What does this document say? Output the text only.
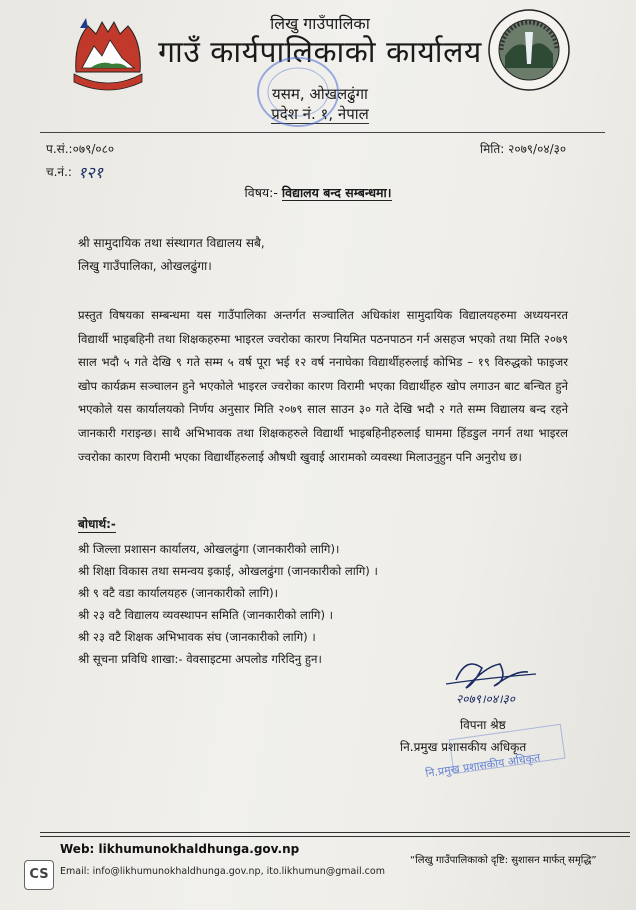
लिखु गाउँपालिका
गाउँ कार्यपालिकाको कार्यालय
यसम, ओखलढुंगा
प्रदेश नं. १, नेपाल
प.सं.:०७९/०८०	मिति: २०७९/०४/३०
च.नं.: १२१
विषय:- विद्यालय बन्द सम्बन्धमा।
श्री सामुदायिक तथा संस्थागत विद्यालय सबै,
लिखु गाउँपालिका, ओखलढुंगा।
प्रस्तुत विषयका सम्बन्धमा यस गाउँपालिका अन्तर्गत सञ्चालित अधिकांश सामुदायिक विद्यालयहरुमा अध्ययनरत विद्यार्थी भाइबहिनी तथा शिक्षकहरुमा भाइरल ज्वरोका कारण नियमित पठनपाठन गर्न असहज भएको तथा मिति २०७९ साल भदौ ५ गते देखि ९ गते सम्म ५ वर्ष पूरा भई १२ वर्ष ननाघेका विद्यार्थीहरुलाई कोभिड – १९ विरुद्धको फाइजर खोप कार्यक्रम सञ्चालन हुने भएकोले भाइरल ज्वरोका कारण विरामी भएका विद्यार्थीहरु खोप लगाउन बाट बन्चित हुने भएकोले यस कार्यालयको निर्णय अनुसार मिति २०७९ साल साउन ३० गते देखि भदौ २ गते सम्म विद्यालय बन्द रहने जानकारी गराइन्छ। साथै अभिभावक तथा शिक्षकहरुले विद्यार्थी भाइबहिनीहरुलाई घाममा हिंडडुल नगर्न तथा भाइरल ज्वरोका कारण विरामी भएका विद्यार्थीहरुलाई औषधी खुवाई आरामको व्यवस्था मिलाउनुहुन पनि अनुरोध छ।
बोधार्थ:-
श्री जिल्ला प्रशासन कार्यालय, ओखलढुंगा (जानकारीको लागि)।
श्री शिक्षा विकास तथा समन्वय इकाई, ओखलढुंगा (जानकारीको लागि) ।
श्री ९ वटै वडा कार्यालयहरु (जानकारीको लागि)।
श्री २३ वटै विद्यालय व्यवस्थापन समिति (जानकारीको लागि) ।
श्री २३ वटै शिक्षक अभिभावक संघ (जानकारीको लागि) ।
श्री सूचना प्रविधि शाखा:- वेवसाइटमा अपलोड गरिदिनु हुन।
२०७९।०४।३०
विपना श्रेष्ठ
नि.प्रमुख प्रशासकीय अधिकृत
नि.प्रमुख प्रशासकीय अधिकृत
Web: likhumunokhaldhunga.gov.np
Email: info@likhumunokhaldhunga.gov.np, ito.likhumun@gmail.com
“लिखु गाउँपालिकाको दृष्टि: सुशासन मार्फत् समृद्धि”
CS
